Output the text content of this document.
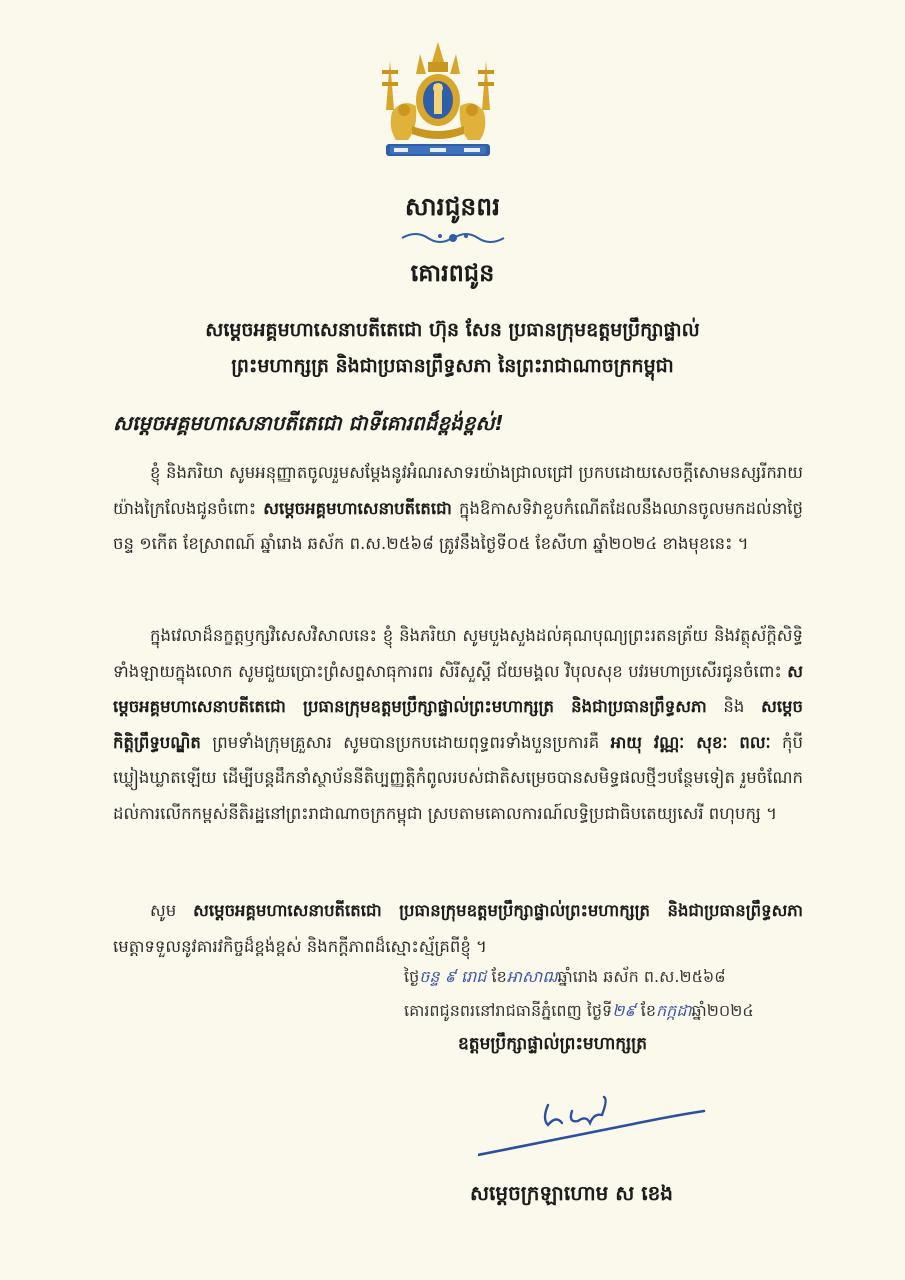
សារជូនពរ
គោរពជូន
សម្តេចអគ្គមហាសេនាបតីតេជោ ហ៊ុន សែន ប្រធានក្រុមឧត្តមប្រឹក្សាផ្ទាល់
ព្រះមហាក្សត្រ និងជាប្រធានព្រឹទ្ធសភា នៃព្រះរាជាណាចក្រកម្ពុជា
សម្តេចអគ្គមហាសេនាបតីតេជោ ជាទីគោរពដ៏ខ្ពង់ខ្ពស់!
ខ្ញុំ និងភរិយា សូមអនុញ្ញាតចូលរួមសម្តែងនូវអំណរសាទរយ៉ាងជ្រាលជ្រៅ ប្រកបដោយសេចក្តីសោមនស្សរីករាយយ៉ាងក្រៃលែងជូនចំពោះ សម្តេចអគ្គមហាសេនាបតីតេជោ ក្នុងឱកាសទិវាខួបកំណើតដែលនឹងឈានចូលមកដល់នាថ្ងៃចន្ទ ១កើត ខែស្រាពណ៍ ឆ្នាំរោង ឆស័ក ព.ស.២៥៦៨ ត្រូវនឹងថ្ងៃទី០៥ ខែសីហា ឆ្នាំ២០២៤ ខាងមុខនេះ ។
ក្នុងវេលាដ៏នក្ខត្តឫក្សវិសេសវិសាលនេះ ខ្ញុំ និងភរិយា សូមបួងសួងដល់គុណបុណ្យព្រះរតនត្រ័យ និងវត្ថុស័ក្តិសិទ្ធិទាំងឡាយក្នុងលោក សូមជួយប្រោះព្រំសព្ទសាធុការពរ សិរីសួស្តី ជ័យមង្គល វិបុលសុខ បវរមហាប្រសើរជូនចំពោះ សម្តេចអគ្គមហាសេនាបតីតេជោ ប្រធានក្រុមឧត្តមប្រឹក្សាផ្ទាល់ព្រះមហាក្សត្រ និងជាប្រធានព្រឹទ្ធសភា និង សម្តេចកិត្តិព្រឹទ្ធបណ្ឌិត ព្រមទាំងក្រុមគ្រួសារ សូមបានប្រកបដោយពុទ្ធពរទាំងបួនប្រការគឺ អាយុ វណ្ណៈ សុខៈ ពលៈ កុំបីឃ្លៀងឃ្លាតឡើយ ដើម្បីបន្តដឹកនាំស្ថាប័ននីតិប្បញ្ញត្តិកំពូលរបស់ជាតិសម្រេចបានសមិទ្ធផលថ្មីៗបន្ថែមទៀត រួមចំណែកដល់ការលើកកម្ពស់នីតិរដ្ឋនៅព្រះរាជាណាចក្រកម្ពុជា ស្របតាមគោលការណ៍លទ្ធិប្រជាធិបតេយ្យសេរី ពហុបក្ស ។
សូម សម្តេចអគ្គមហាសេនាបតីតេជោ ប្រធានក្រុមឧត្តមប្រឹក្សាផ្ទាល់ព្រះមហាក្សត្រ និងជាប្រធានព្រឹទ្ធសភា មេត្តាទទួលនូវគារវកិច្ចដ៏ខ្ពង់ខ្ពស់ និងកក្តីភាពដ៏ស្មោះស្ម័គ្រពីខ្ញុំ ។
ថ្ងៃចន្ទ ៩ រោជ ខែអាសាឍឆ្នាំរោង ឆស័ក ព.ស.២៥៦៨
គោរពជូនពរនៅរាជធានីភ្នំពេញ ថ្ងៃទី២៩ ខែកក្កដាឆ្នាំ២០២៤
ឧត្តមប្រឹក្សាផ្ទាល់ព្រះមហាក្សត្រ
សម្តេចក្រឡាហោម ស ខេង
